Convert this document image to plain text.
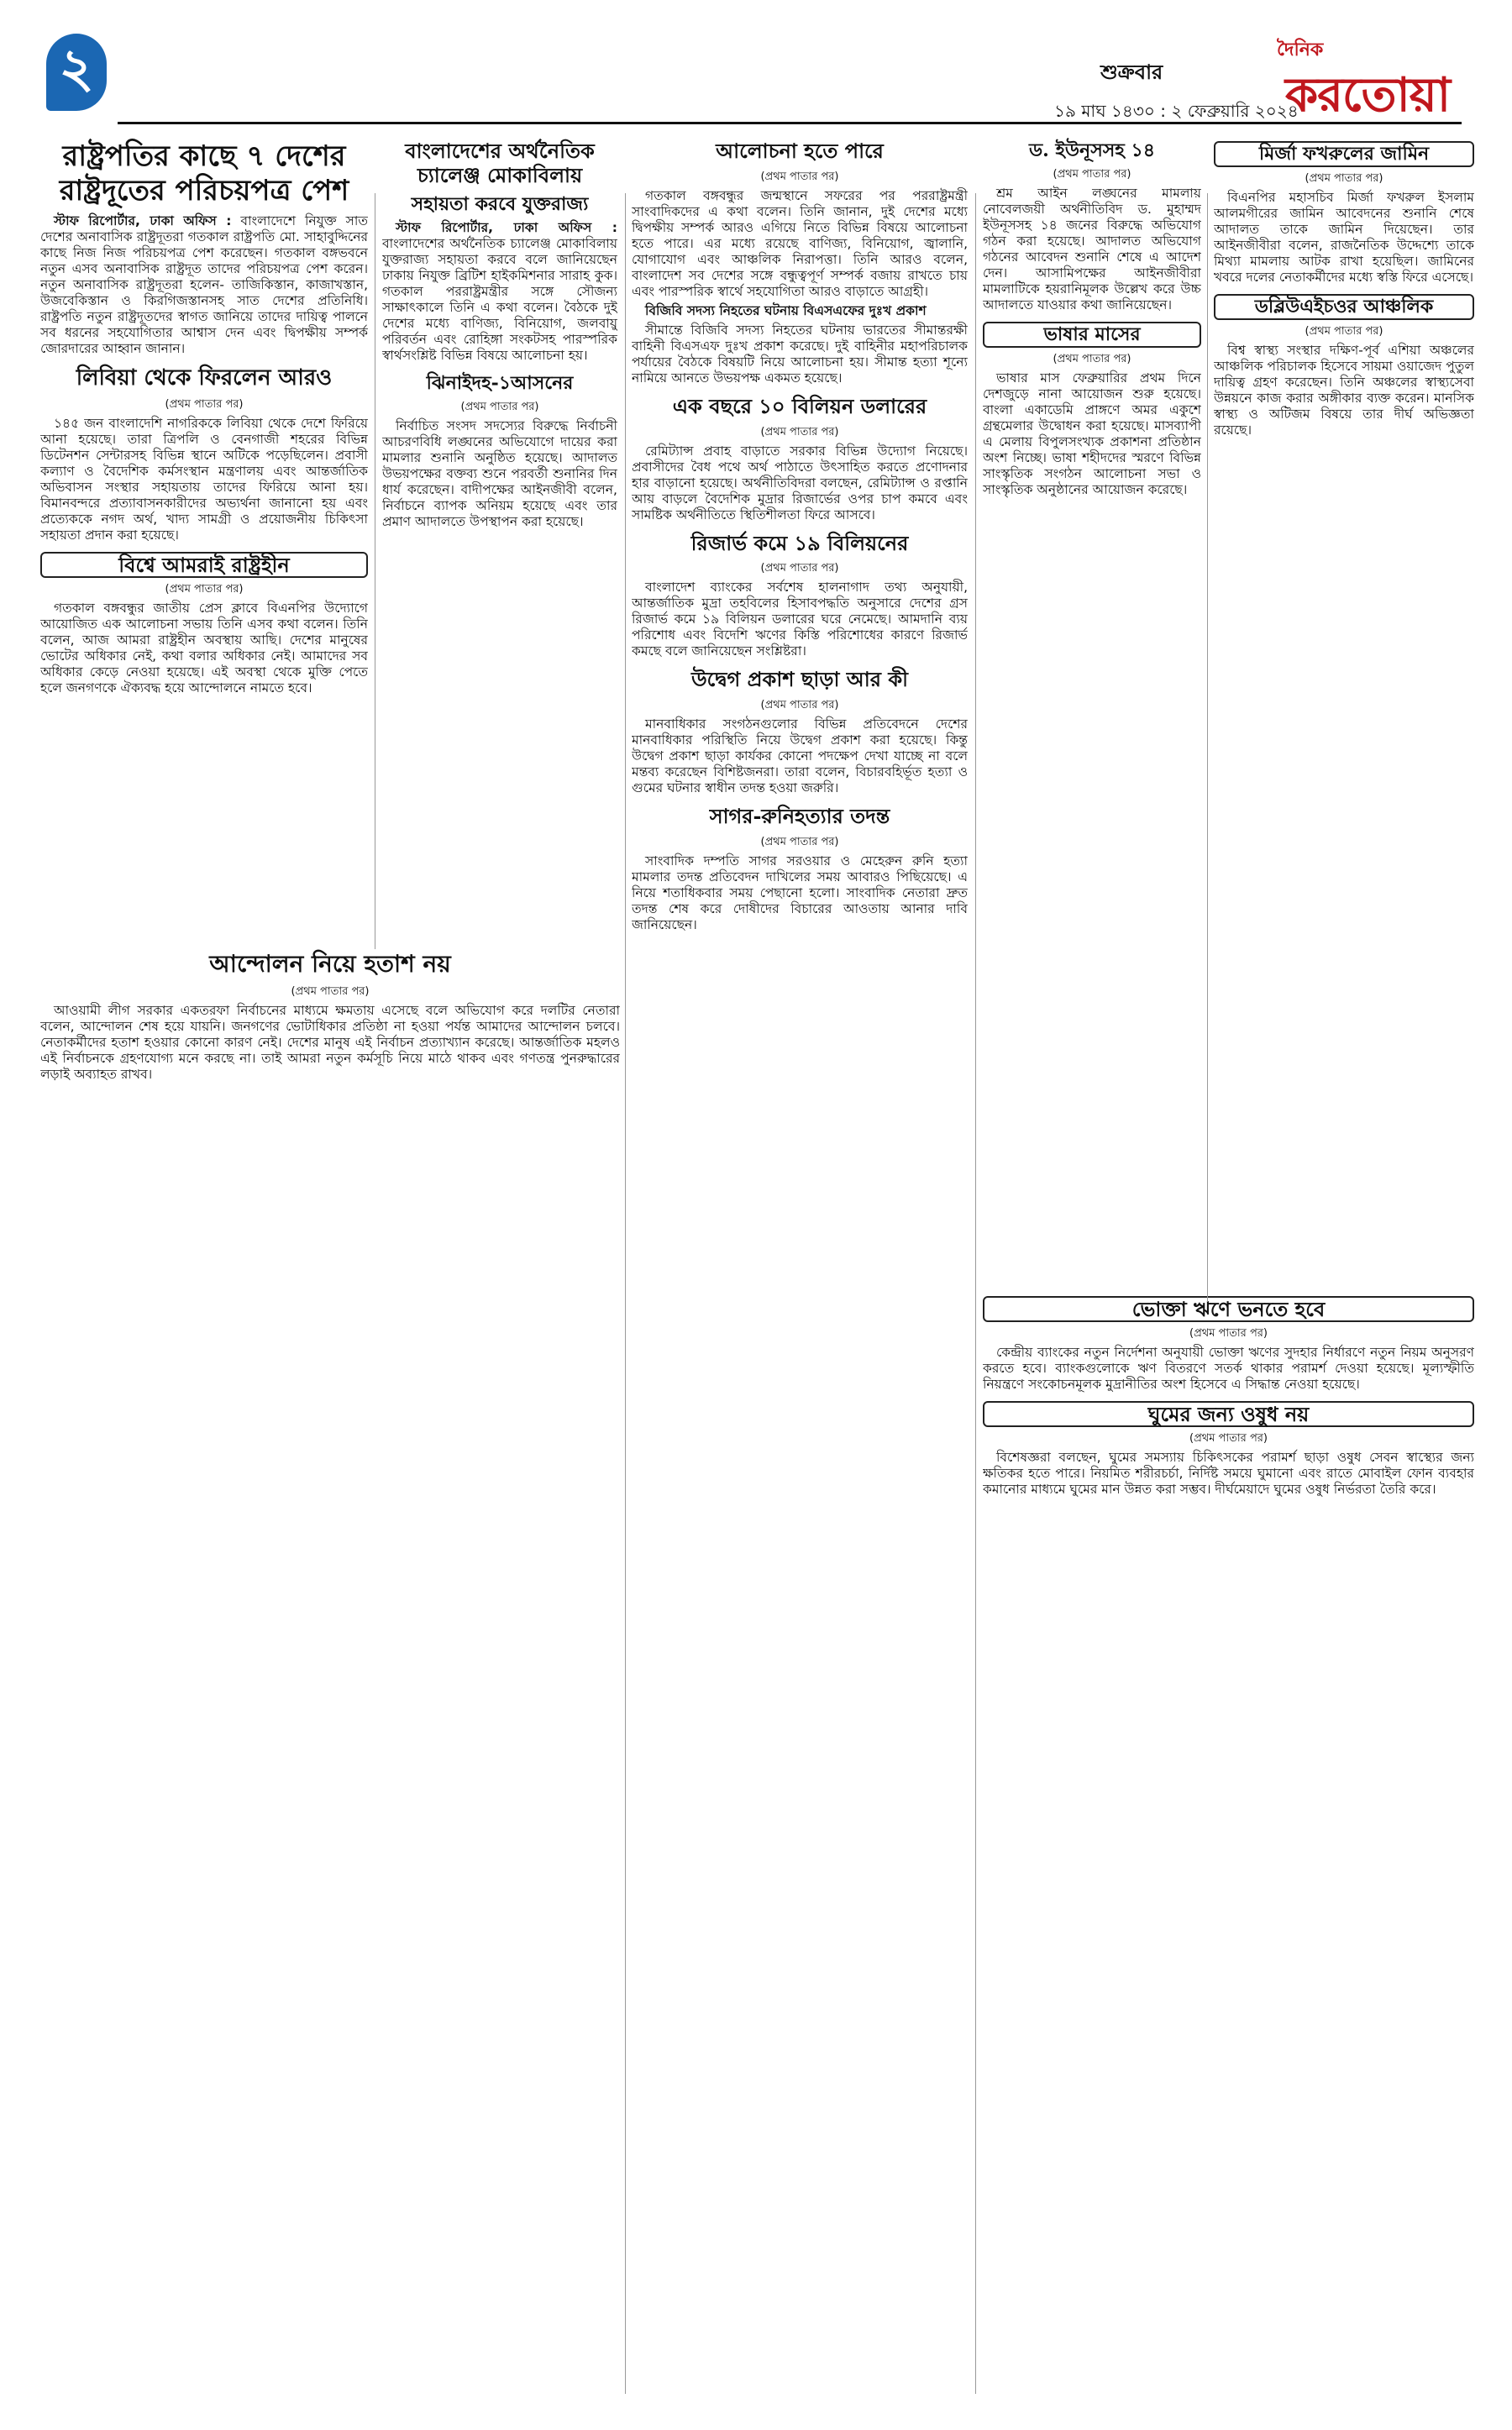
২	শুক্রবার
১৯ মাঘ ১৪৩০ : ২ ফেব্রুয়ারি ২০২৪
দৈনিক
করতোয়া
রাষ্ট্রপতির কাছে ৭ দেশের রাষ্ট্রদূতের পরিচয়পত্র পেশ

স্টাফ রিপোর্টার, ঢাকা অফিস : বাংলাদেশে নিযুক্ত সাত দেশের অনাবাসিক রাষ্ট্রদূতরা গতকাল রাষ্ট্রপতি মো. সাহাবুদ্দিনের কাছে নিজ নিজ পরিচয়পত্র পেশ করেছেন। গতকাল বঙ্গভবনে নতুন এসব অনাবাসিক রাষ্ট্রদূত তাদের পরিচয়পত্র পেশ করেন। নতুন অনাবাসিক রাষ্ট্রদূতরা হলেন- তাজিকিস্তান, কাজাখস্তান, উজবেকিস্তান ও কিরগিজস্তানসহ সাত দেশের প্রতিনিধি। রাষ্ট্রপতি নতুন রাষ্ট্রদূতদের স্বাগত জানিয়ে তাদের দায়িত্ব পালনে সব ধরনের সহযোগিতার আশ্বাস দেন এবং দ্বিপক্ষীয় সম্পর্ক জোরদারের আহ্বান জানান।

লিবিয়া থেকে ফিরলেন আরও
(প্রথম পাতার পর)

১৪৫ জন বাংলাদেশি নাগরিককে লিবিয়া থেকে দেশে ফিরিয়ে আনা হয়েছে। তারা ত্রিপলি ও বেনগাজী শহরের বিভিন্ন ডিটেনশন সেন্টারসহ বিভিন্ন স্থানে অটিকে পড়েছিলেন। প্রবাসী কল্যাণ ও বৈদেশিক কর্মসংস্থান মন্ত্রণালয় এবং আন্তর্জাতিক অভিবাসন সংস্থার সহায়তায় তাদের ফিরিয়ে আনা হয়। বিমানবন্দরে প্রত্যাবাসনকারীদের অভ্যর্থনা জানানো হয় এবং প্রত্যেককে নগদ অর্থ, খাদ্য সামগ্রী ও প্রয়োজনীয় চিকিৎসা সহায়তা প্রদান করা হয়েছে।

বিশ্বে আমরাই রাষ্ট্রহীন
(প্রথম পাতার পর)

গতকাল বঙ্গবন্ধুর জাতীয় প্রেস ক্লাবে বিএনপির উদ্যোগে আয়োজিত এক আলোচনা সভায় তিনি এসব কথা বলেন। তিনি বলেন, আজ আমরা রাষ্ট্রহীন অবস্থায় আছি। দেশের মানুষের ভোটের অধিকার নেই, কথা বলার অধিকার নেই। আমাদের সব অধিকার কেড়ে নেওয়া হয়েছে। এই অবস্থা থেকে মুক্তি পেতে হলে জনগণকে ঐক্যবদ্ধ হয়ে আন্দোলনে নামতে হবে।

আন্দোলন নিয়ে হতাশ নয়
(প্রথম পাতার পর)

আওয়ামী লীগ সরকার একতরফা নির্বাচনের মাধ্যমে ক্ষমতায় এসেছে বলে অভিযোগ করে দলটির নেতারা বলেন, আন্দোলন শেষ হয়ে যায়নি। জনগণের ভোটাধিকার প্রতিষ্ঠা না হওয়া পর্যন্ত আমাদের আন্দোলন চলবে। নেতাকর্মীদের হতাশ হওয়ার কোনো কারণ নেই। দেশের মানুষ এই নির্বাচন প্রত্যাখ্যান করেছে। আন্তর্জাতিক মহলও এই নির্বাচনকে গ্রহণযোগ্য মনে করছে না। তাই আমরা নতুন কর্মসূচি নিয়ে মাঠে থাকব এবং গণতন্ত্র পুনরুদ্ধারের লড়াই অব্যাহত রাখব।

বাংলাদেশের অর্থনৈতিক চ্যালেঞ্জ মোকাবিলায়
সহায়তা করবে যুক্তরাজ্য

স্টাফ রিপোর্টার, ঢাকা অফিস : বাংলাদেশের অর্থনৈতিক চ্যালেঞ্জ মোকাবিলায় যুক্তরাজ্য সহায়তা করবে বলে জানিয়েছেন ঢাকায় নিযুক্ত ব্রিটিশ হাইকমিশনার সারাহ কুক। গতকাল পররাষ্ট্রমন্ত্রীর সঙ্গে সৌজন্য সাক্ষাৎকালে তিনি এ কথা বলেন। বৈঠকে দুই দেশের মধ্যে বাণিজ্য, বিনিয়োগ, জলবায়ু পরিবর্তন এবং রোহিঙ্গা সংকটসহ পারস্পরিক স্বার্থসংশ্লিষ্ট বিভিন্ন বিষয়ে আলোচনা হয়।

ঝিনাইদহ-১আসনের
(প্রথম পাতার পর)

নির্বাচিত সংসদ সদস্যের বিরুদ্ধে নির্বাচনী আচরণবিধি লঙ্ঘনের অভিযোগে দায়ের করা মামলার শুনানি অনুষ্ঠিত হয়েছে। আদালত উভয়পক্ষের বক্তব্য শুনে পরবর্তী শুনানির দিন ধার্য করেছেন। বাদীপক্ষের আইনজীবী বলেন, নির্বাচনে ব্যাপক অনিয়ম হয়েছে এবং তার প্রমাণ আদালতে উপস্থাপন করা হয়েছে।

আলোচনা হতে পারে
(প্রথম পাতার পর)

গতকাল বঙ্গবন্ধুর জন্মস্থানে সফরের পর পররাষ্ট্রমন্ত্রী সাংবাদিকদের এ কথা বলেন। তিনি জানান, দুই দেশের মধ্যে দ্বিপক্ষীয় সম্পর্ক আরও এগিয়ে নিতে বিভিন্ন বিষয়ে আলোচনা হতে পারে। এর মধ্যে রয়েছে বাণিজ্য, বিনিয়োগ, জ্বালানি, যোগাযোগ এবং আঞ্চলিক নিরাপত্তা। তিনি আরও বলেন, বাংলাদেশ সব দেশের সঙ্গে বন্ধুত্বপূর্ণ সম্পর্ক বজায় রাখতে চায় এবং পারস্পরিক স্বার্থে সহযোগিতা আরও বাড়াতে আগ্রহী।

বিজিবি সদস্য নিহতের ঘটনায় বিএসএফের দুঃখ প্রকাশ

সীমান্তে বিজিবি সদস্য নিহতের ঘটনায় ভারতের সীমান্তরক্ষী বাহিনী বিএসএফ দুঃখ প্রকাশ করেছে। দুই বাহিনীর মহাপরিচালক পর্যায়ের বৈঠকে বিষয়টি নিয়ে আলোচনা হয়। সীমান্ত হত্যা শূন্যে নামিয়ে আনতে উভয়পক্ষ একমত হয়েছে।

এক বছরে ১০ বিলিয়ন ডলারের
(প্রথম পাতার পর)

রেমিট্যান্স প্রবাহ বাড়াতে সরকার বিভিন্ন উদ্যোগ নিয়েছে। প্রবাসীদের বৈধ পথে অর্থ পাঠাতে উৎসাহিত করতে প্রণোদনার হার বাড়ানো হয়েছে। অর্থনীতিবিদরা বলছেন, রেমিট্যান্স ও রপ্তানি আয় বাড়লে বৈদেশিক মুদ্রার রিজার্ভের ওপর চাপ কমবে এবং সামষ্টিক অর্থনীতিতে স্থিতিশীলতা ফিরে আসবে।

রিজার্ভ কমে ১৯ বিলিয়নের
(প্রথম পাতার পর)

বাংলাদেশ ব্যাংকের সর্বশেষ হালনাগাদ তথ্য অনুযায়ী, আন্তর্জাতিক মুদ্রা তহবিলের হিসাবপদ্ধতি অনুসারে দেশের গ্রস রিজার্ভ কমে ১৯ বিলিয়ন ডলারের ঘরে নেমেছে। আমদানি ব্যয় পরিশোধ এবং বিদেশি ঋণের কিস্তি পরিশোধের কারণে রিজার্ভ কমছে বলে জানিয়েছেন সংশ্লিষ্টরা।

উদ্বেগ প্রকাশ ছাড়া আর কী
(প্রথম পাতার পর)

মানবাধিকার সংগঠনগুলোর বিভিন্ন প্রতিবেদনে দেশের মানবাধিকার পরিস্থিতি নিয়ে উদ্বেগ প্রকাশ করা হয়েছে। কিন্তু উদ্বেগ প্রকাশ ছাড়া কার্যকর কোনো পদক্ষেপ দেখা যাচ্ছে না বলে মন্তব্য করেছেন বিশিষ্টজনরা। তারা বলেন, বিচারবহির্ভূত হত্যা ও গুমের ঘটনার স্বাধীন তদন্ত হওয়া জরুরি।

সাগর-রুনিহত্যার তদন্ত
(প্রথম পাতার পর)

সাংবাদিক দম্পতি সাগর সরওয়ার ও মেহেরুন রুনি হত্যা মামলার তদন্ত প্রতিবেদন দাখিলের সময় আবারও পিছিয়েছে। এ নিয়ে শতাধিকবার সময় পেছানো হলো। সাংবাদিক নেতারা দ্রুত তদন্ত শেষ করে দোষীদের বিচারের আওতায় আনার দাবি জানিয়েছেন।

ড. ইউনূসসহ ১৪
(প্রথম পাতার পর)

শ্রম আইন লঙ্ঘনের মামলায় নোবেলজয়ী অর্থনীতিবিদ ড. মুহাম্মদ ইউনূসসহ ১৪ জনের বিরুদ্ধে অভিযোগ গঠন করা হয়েছে। আদালত অভিযোগ গঠনের আবেদন শুনানি শেষে এ আদেশ দেন। আসামিপক্ষের আইনজীবীরা মামলাটিকে হয়রানিমূলক উল্লেখ করে উচ্চ আদালতে যাওয়ার কথা জানিয়েছেন।

ভাষার মাসের
(প্রথম পাতার পর)

ভাষার মাস ফেব্রুয়ারির প্রথম দিনে দেশজুড়ে নানা আয়োজন শুরু হয়েছে। বাংলা একাডেমি প্রাঙ্গণে অমর একুশে গ্রন্থমেলার উদ্বোধন করা হয়েছে। মাসব্যাপী এ মেলায় বিপুলসংখ্যক প্রকাশনা প্রতিষ্ঠান অংশ নিচ্ছে। ভাষা শহীদদের স্মরণে বিভিন্ন সাংস্কৃতিক সংগঠন আলোচনা সভা ও সাংস্কৃতিক অনুষ্ঠানের আয়োজন করেছে।

ভোক্তা ঋণে ভনতে হবে
(প্রথম পাতার পর)

কেন্দ্রীয় ব্যাংকের নতুন নির্দেশনা অনুযায়ী ভোক্তা ঋণের সুদহার নির্ধারণে নতুন নিয়ম অনুসরণ করতে হবে। ব্যাংকগুলোকে ঋণ বিতরণে সতর্ক থাকার পরামর্শ দেওয়া হয়েছে। মূল্যস্ফীতি নিয়ন্ত্রণে সংকোচনমূলক মুদ্রানীতির অংশ হিসেবে এ সিদ্ধান্ত নেওয়া হয়েছে।

ঘুমের জন্য ওষুধ নয়
(প্রথম পাতার পর)

বিশেষজ্ঞরা বলছেন, ঘুমের সমস্যায় চিকিৎসকের পরামর্শ ছাড়া ওষুধ সেবন স্বাস্থ্যের জন্য ক্ষতিকর হতে পারে। নিয়মিত শরীরচর্চা, নির্দিষ্ট সময়ে ঘুমানো এবং রাতে মোবাইল ফোন ব্যবহার কমানোর মাধ্যমে ঘুমের মান উন্নত করা সম্ভব। দীর্ঘমেয়াদে ঘুমের ওষুধ নির্ভরতা তৈরি করে।

মির্জা ফখরুলের জামিন
(প্রথম পাতার পর)

বিএনপির মহাসচিব মির্জা ফখরুল ইসলাম আলমগীরের জামিন আবেদনের শুনানি শেষে আদালত তাকে জামিন দিয়েছেন। তার আইনজীবীরা বলেন, রাজনৈতিক উদ্দেশ্যে তাকে মিথ্যা মামলায় আটক রাখা হয়েছিল। জামিনের খবরে দলের নেতাকর্মীদের মধ্যে স্বস্তি ফিরে এসেছে।

ডব্লিউএইচওর আঞ্চলিক
(প্রথম পাতার পর)

বিশ্ব স্বাস্থ্য সংস্থার দক্ষিণ-পূর্ব এশিয়া অঞ্চলের আঞ্চলিক পরিচালক হিসেবে সায়মা ওয়াজেদ পুতুল দায়িত্ব গ্রহণ করেছেন। তিনি অঞ্চলের স্বাস্থ্যসেবা উন্নয়নে কাজ করার অঙ্গীকার ব্যক্ত করেন। মানসিক স্বাস্থ্য ও অটিজম বিষয়ে তার দীর্ঘ অভিজ্ঞতা রয়েছে।
